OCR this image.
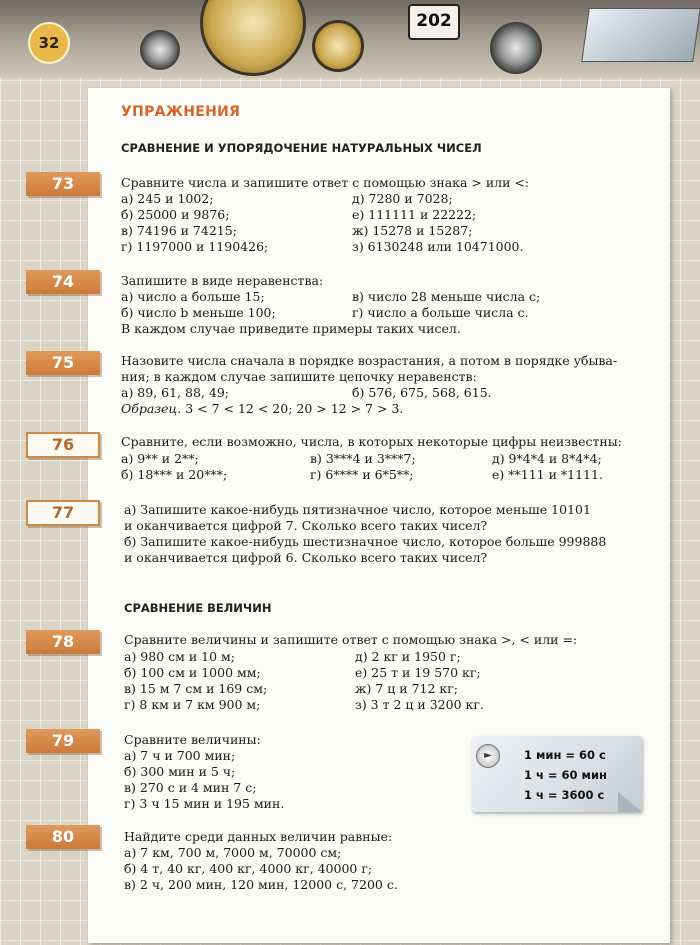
202
32
УПРАЖНЕНИЯ
СРАВНЕНИЕ И УПОРЯДОЧЕНИЕ НАТУРАЛЬНЫХ ЧИСЕЛ
73	Сравните числа и запишите ответ с помощью знака > или <:
а) 245 и 1002;
б) 25000 и 9876;
в) 74196 и 74215;
г) 1197000 и 1190426;
д) 7280 и 7028;
е) 111111 и 22222;
ж) 15278 и 15287;
з) 6130248 или 10471000.
74	Запишите в виде неравенства:
а) число a больше 15;
б) число b меньше 100;
в) число 28 меньше числа c;
г) число a больше числа c.
В каждом случае приведите примеры таких чисел.
75	Назовите числа сначала в порядке возрастания, а потом в порядке убыва-
ния; в каждом случае запишите цепочку неравенств:
а) 89, 61, 88, 49;	б) 576, 675, 568, 615.
Образец. 3 < 7 < 12 < 20; 20 > 12 > 7 > 3.
76	Сравните, если возможно, числа, в которых некоторые цифры неизвестны:
а) 9** и 2**;
б) 18*** и 20***;
в) 3***4 и 3***7;
г) 6**** и 6*5**;
д) 9*4*4 и 8*4*4;
е) **111 и *1111.
77	а) Запишите какое-нибудь пятизначное число, которое меньше 10101
и оканчивается цифрой 7. Сколько всего таких чисел?
б) Запишите какое-нибудь шестизначное число, которое больше 999888
и оканчивается цифрой 6. Сколько всего таких чисел?
СРАВНЕНИЕ ВЕЛИЧИН
78	Сравните величины и запишите ответ с помощью знака >, < или =:
а) 980 см и 10 м;
б) 100 см и 1000 мм;
в) 15 м 7 см и 169 см;
г) 8 км и 7 км 900 м;
д) 2 кг и 1950 г;
е) 25 т и 19 570 кг;
ж) 7 ц и 712 кг;
з) 3 т 2 ц и 3200 кг.
79	Сравните величины:
а) 7 ч и 700 мин;
б) 300 мин и 5 ч;
в) 270 с и 4 мин 7 с;
г) 3 ч 15 мин и 195 мин.
►	1 мин = 60 с
1 ч = 60 мин
1 ч = 3600 с
80	Найдите среди данных величин равные:
а) 7 км, 700 м, 7000 м, 70000 см;
б) 4 т, 40 кг, 400 кг, 4000 кг, 40000 г;
в) 2 ч, 200 мин, 120 мин, 12000 с, 7200 с.
